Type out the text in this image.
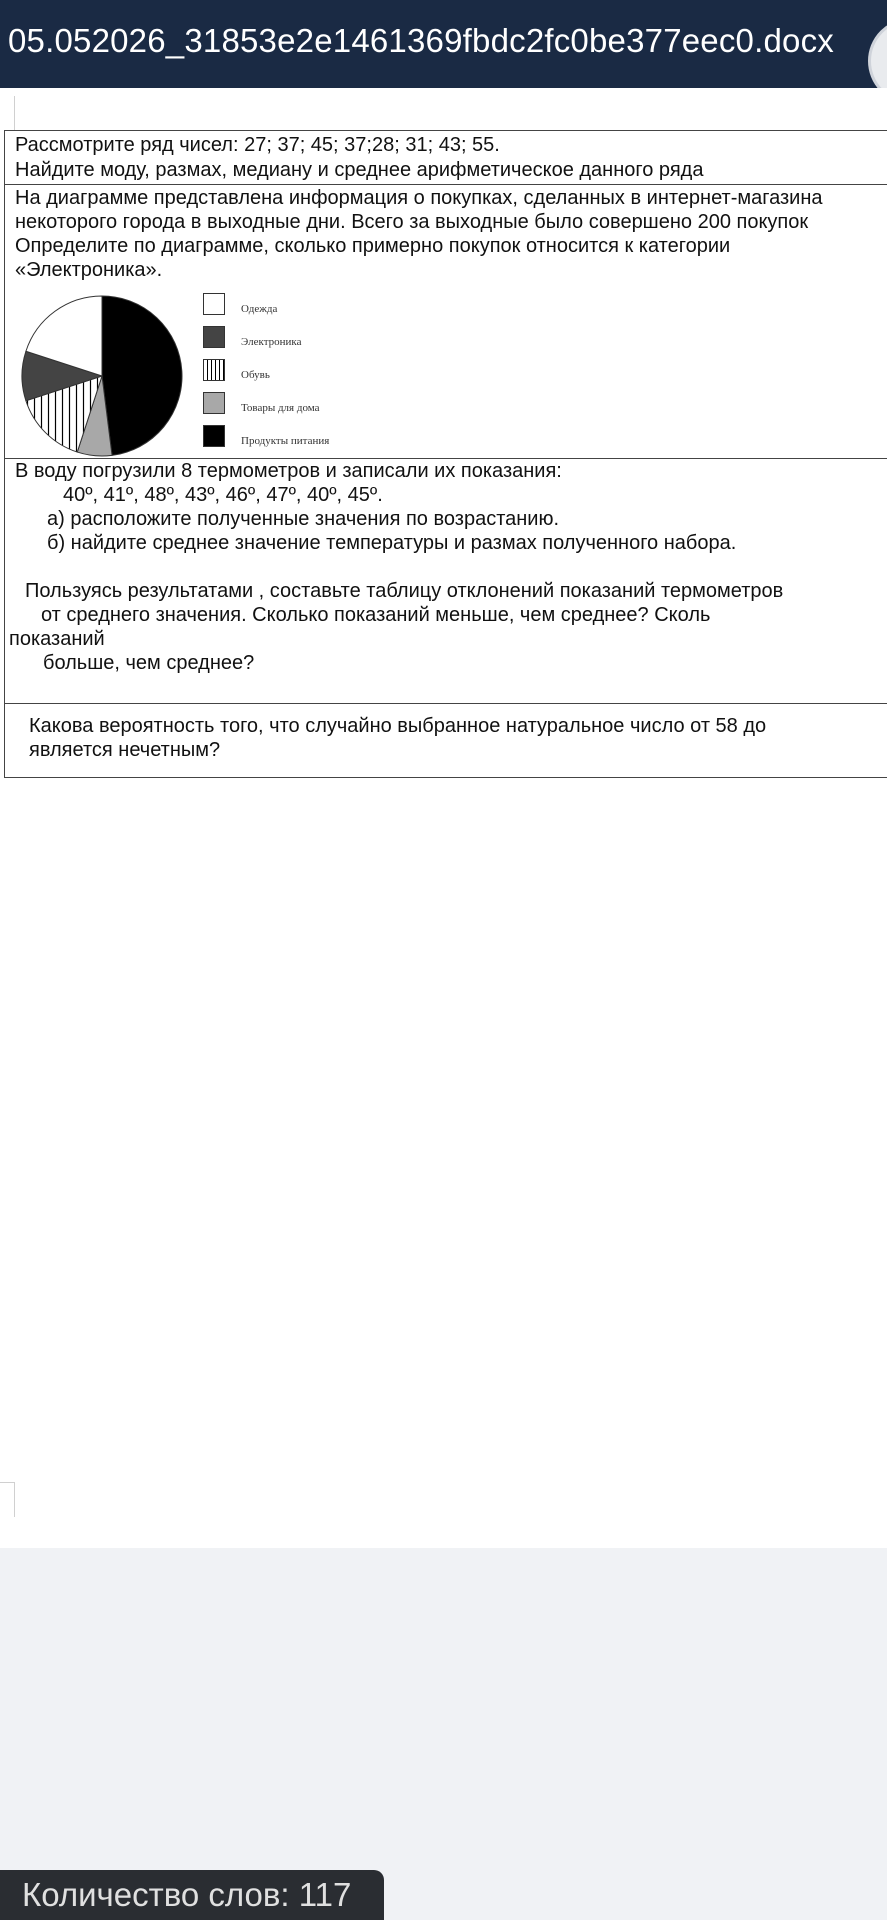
05.052026_31853e2e1461369fbdc2fc0be377eec0.docx
Рассмотрите ряд чисел: 27; 37; 45; 37;28; 31; 43; 55.
Найдите моду, размах, медиану и среднее арифметическое данного ряда
На диаграмме представлена информация о покупках, сделанных в интернет-магазина
некоторого города в выходные дни. Всего за выходные было совершено 200 покупок
Определите по диаграмме, сколько примерно покупок относится к категории
«Электроника».
Одежда
Электроника
Обувь
Товары для дома
Продукты питания
В воду погрузили 8 термометров и записали их показания:
40º, 41º, 48º, 43º, 46º, 47º, 40º, 45º.
а) расположите полученные значения по возрастанию.
б) найдите среднее значение температуры и размах полученного набора.
Пользуясь результатами , составьте таблицу отклонений показаний термометров
от среднего значения. Сколько показаний меньше, чем среднее? Сколь
показаний
больше, чем среднее?
Какова вероятность того, что случайно выбранное натуральное число от 58 до
является нечетным?
Количество слов: 117
